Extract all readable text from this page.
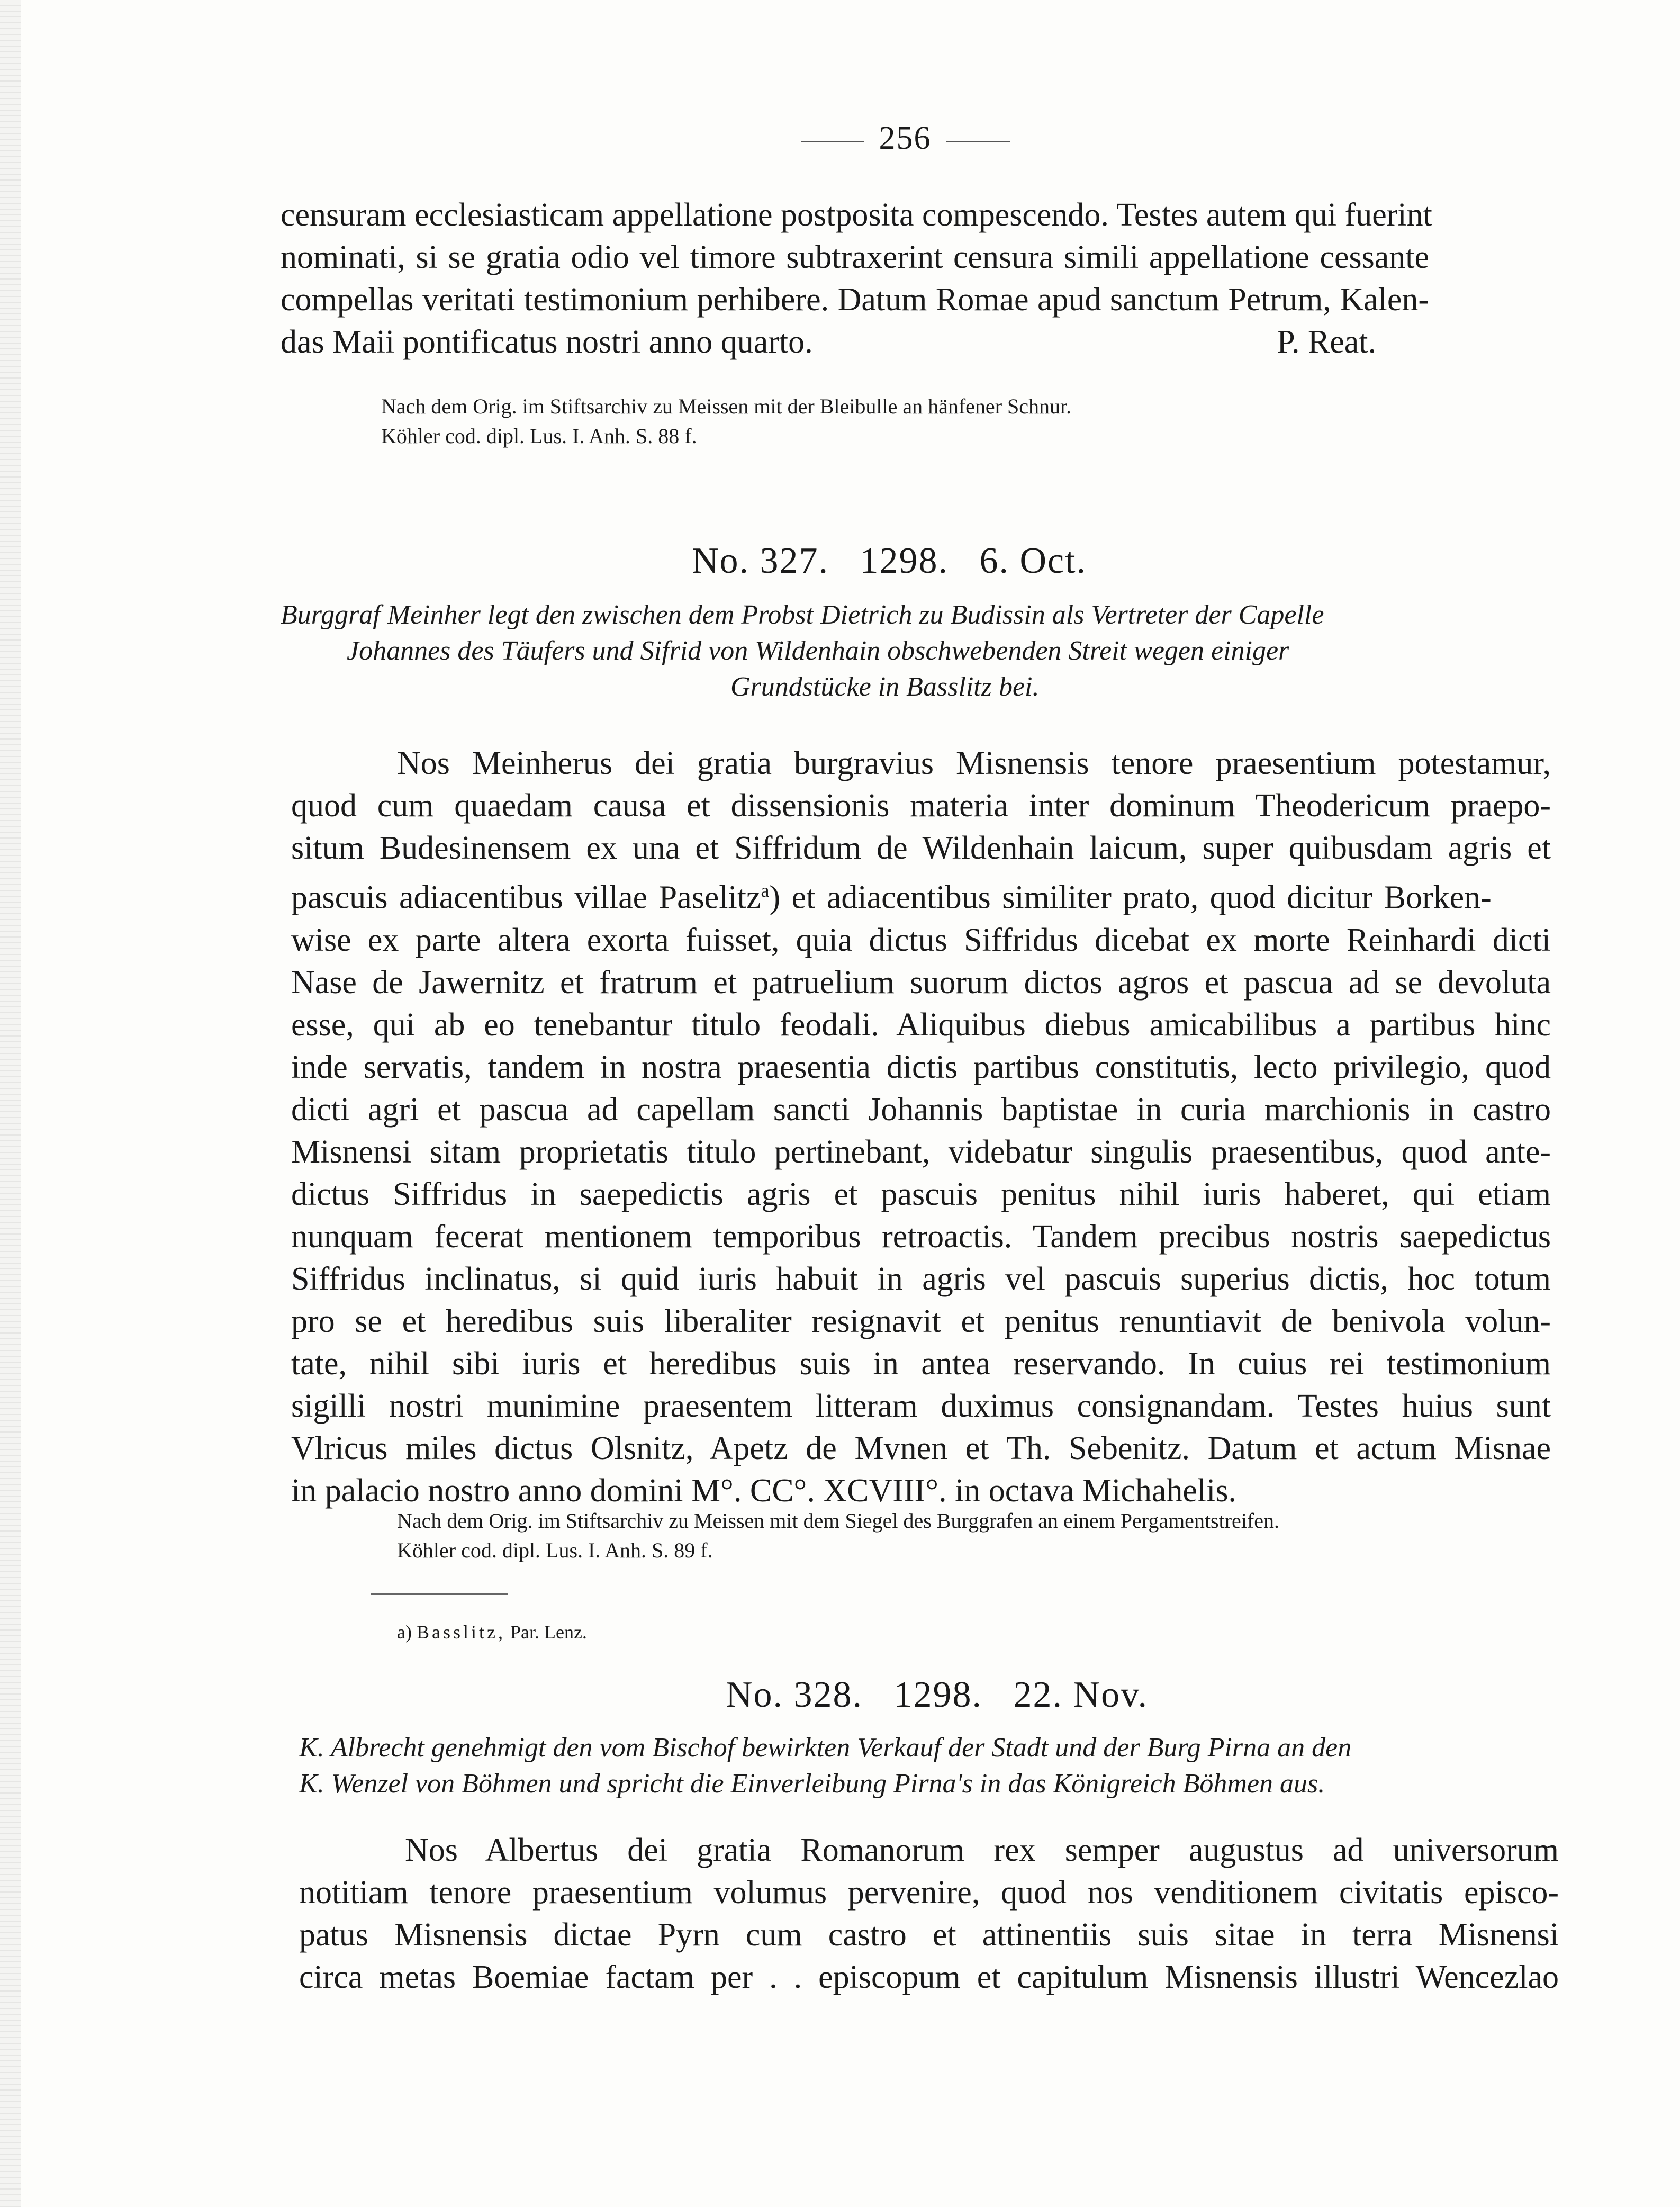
256
censuram ecclesiasticam appellatione postposita compescendo. Testes autem qui fuerint
nominati, si se gratia odio vel timore subtraxerint censura simili appellatione cessante
compellas veritati testimonium perhibere. Datum Romae apud sanctum Petrum, Kalen-
das Maii pontificatus nostri anno quarto.	P. Reat.
Nach dem Orig. im Stiftsarchiv zu Meissen mit der Bleibulle an hänfener Schnur.
Köhler cod. dipl. Lus. I. Anh. S. 88 f.
No. 327.   1298.   6. Oct.
Burggraf Meinher legt den zwischen dem Probst Dietrich zu Budissin als Vertreter der Capelle
Johannes des Täufers und Sifrid von Wildenhain obschwebenden Streit wegen einiger
Grundstücke in Basslitz bei.
Nos Meinherus dei gratia burgravius Misnensis tenore praesentium potestamur,
quod cum quaedam causa et dissensionis materia inter dominum Theodericum praepo-
situm Budesinensem ex una et Siffridum de Wildenhain laicum, super quibusdam agris et
pascuis adiacentibus villae Paselitz$^a$) et adiacentibus similiter prato, quod dicitur Borken-
wise ex parte altera exorta fuisset, quia dictus Siffridus dicebat ex morte Reinhardi dicti
Nase de Jawernitz et fratrum et patruelium suorum dictos agros et pascua ad se devoluta
esse, qui ab eo tenebantur titulo feodali. Aliquibus diebus amicabilibus a partibus hinc
inde servatis, tandem in nostra praesentia dictis partibus constitutis, lecto privilegio, quod
dicti agri et pascua ad capellam sancti Johannis baptistae in curia marchionis in castro
Misnensi sitam proprietatis titulo pertinebant, videbatur singulis praesentibus, quod ante-
dictus Siffridus in saepedictis agris et pascuis penitus nihil iuris haberet, qui etiam
nunquam fecerat mentionem temporibus retroactis. Tandem precibus nostris saepedictus
Siffridus inclinatus, si quid iuris habuit in agris vel pascuis superius dictis, hoc totum
pro se et heredibus suis liberaliter resignavit et penitus renuntiavit de benivola volun-
tate, nihil sibi iuris et heredibus suis in antea reservando. In cuius rei testimonium
sigilli nostri munimine praesentem litteram duximus consignandam. Testes huius sunt
Vlricus miles dictus Olsnitz, Apetz de Mvnen et Th. Sebenitz. Datum et actum Misnae
in palacio nostro anno domini M°. CC°. XCVIII°. in octava Michahelis.
Nach dem Orig. im Stiftsarchiv zu Meissen mit dem Siegel des Burggrafen an einem Pergamentstreifen.
Köhler cod. dipl. Lus. I. Anh. S. 89 f.
a) Basslitz, Par. Lenz.
No. 328.   1298.   22. Nov.
K. Albrecht genehmigt den vom Bischof bewirkten Verkauf der Stadt und der Burg Pirna an den
K. Wenzel von Böhmen und spricht die Einverleibung Pirna's in das Königreich Böhmen aus.
Nos Albertus dei gratia Romanorum rex semper augustus ad universorum
notitiam tenore praesentium volumus pervenire, quod nos venditionem civitatis episco-
patus Misnensis dictae Pyrn cum castro et attinentiis suis sitae in terra Misnensi
circa metas Boemiae factam per . . episcopum et capitulum Misnensis illustri Wencezlao
